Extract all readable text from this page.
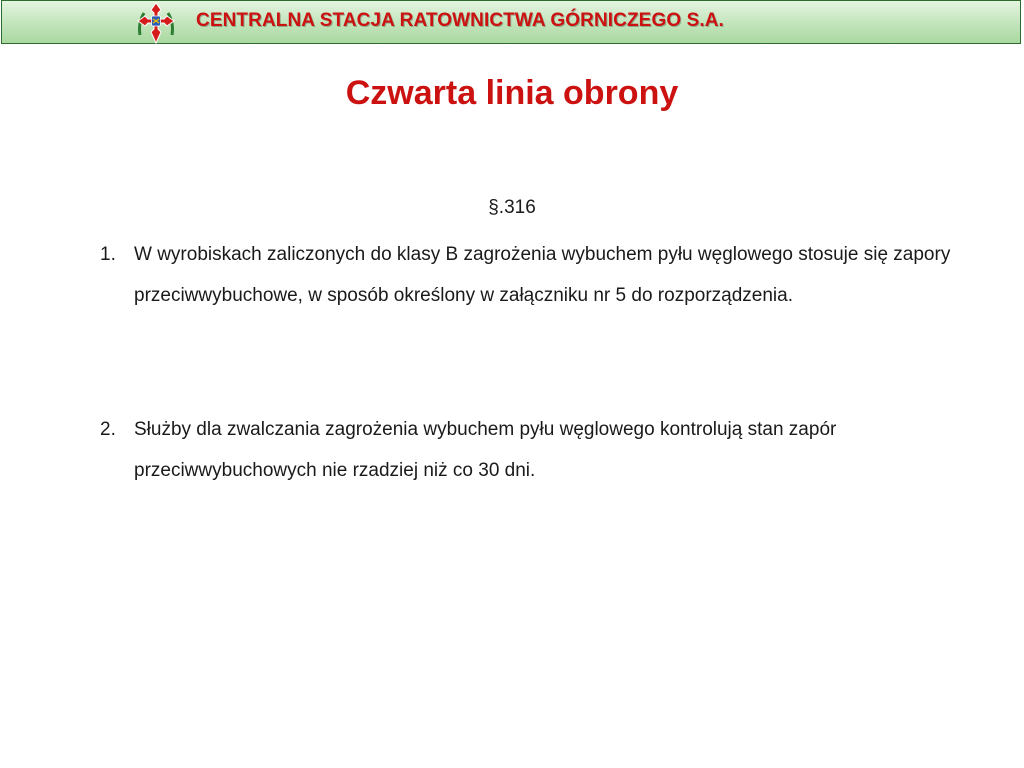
CENTRALNA STACJA RATOWNICTWA GÓRNICZEGO S.A.
Czwarta linia obrony
§.316
1. W wyrobiskach zaliczonych do klasy B zagrożenia wybuchem pyłu węglowego stosuje się zapory przeciwwybuchowe, w sposób określony w załączniku nr 5 do rozporządzenia.
2. Służby dla zwalczania zagrożenia wybuchem pyłu węglowego kontrolują stan zapór przeciwwybuchowych nie rzadziej niż co 30 dni.
